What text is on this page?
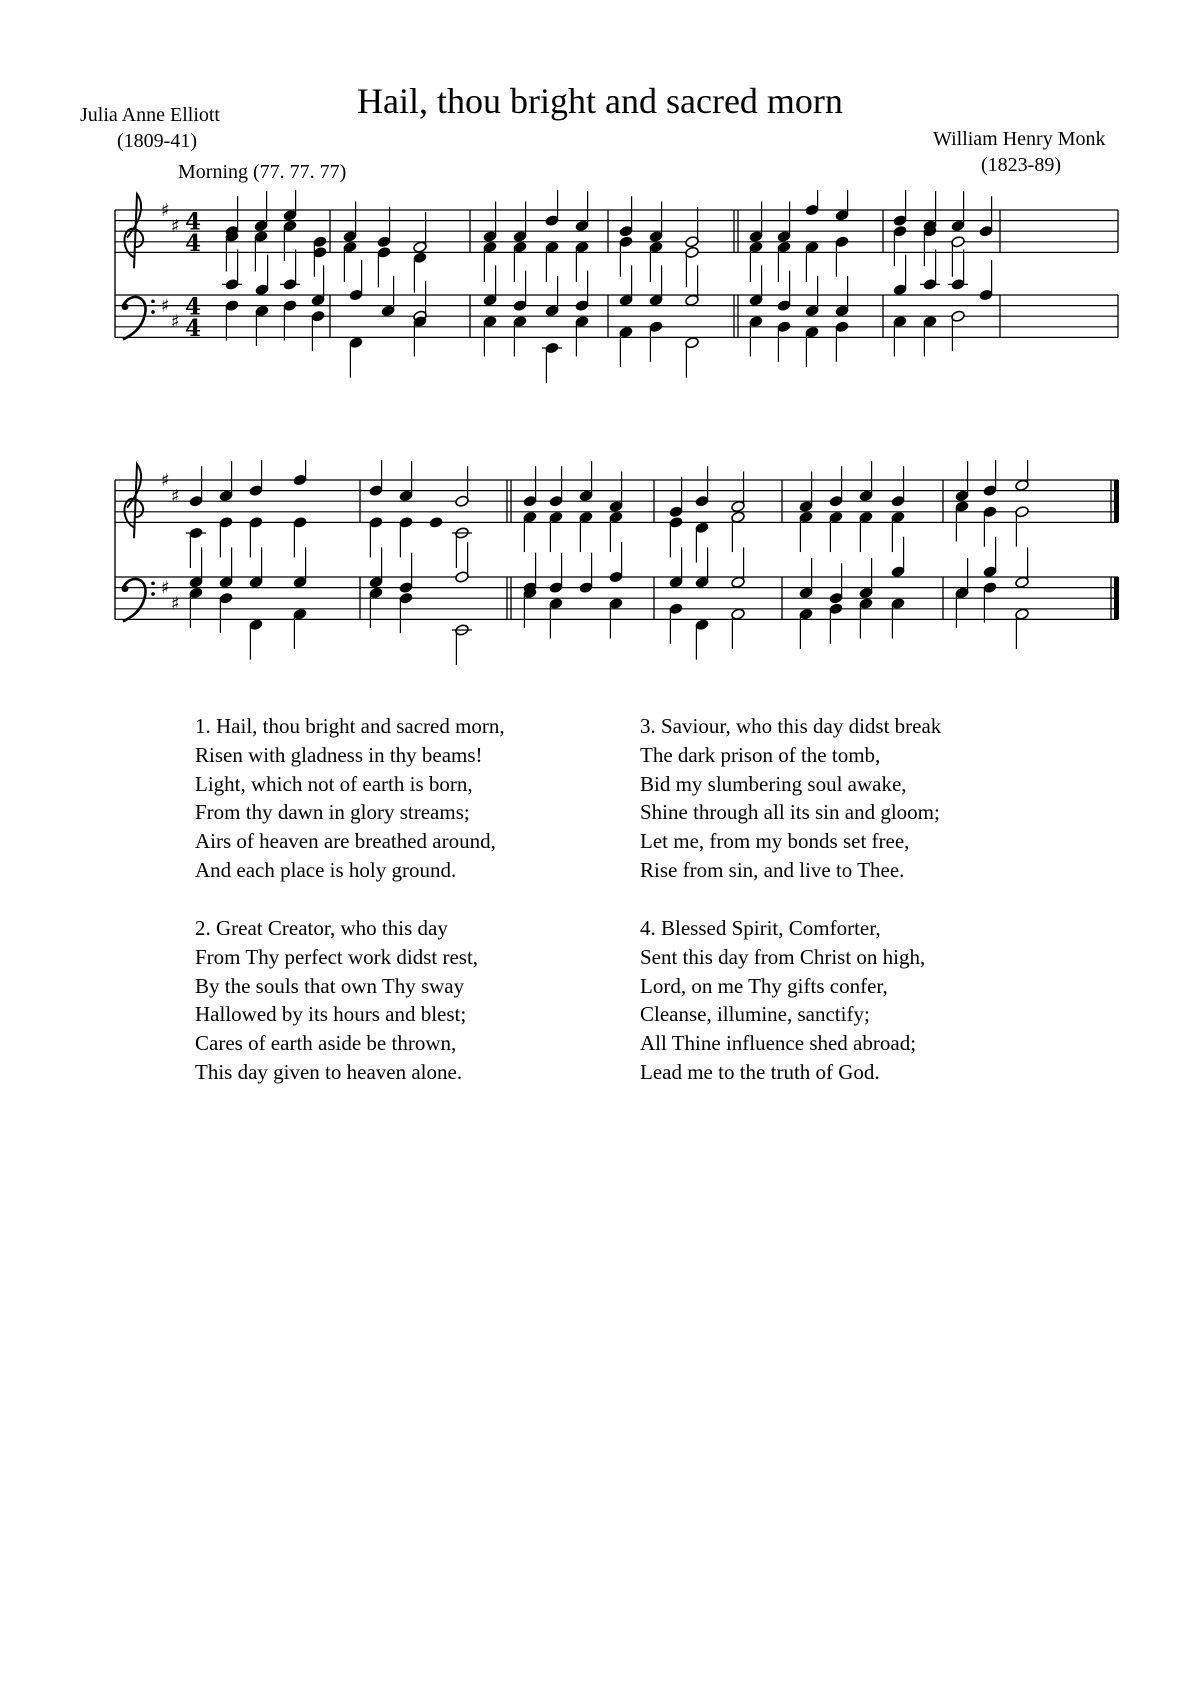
Hail, thou bright and sacred morn
Julia Anne Elliott
(1809-41)	William Henry Monk
(1823-89)
Morning (77. 77. 77)
♯
♯
♯
♯
4
4
4
4
♯
♯
♯
♯
1. Hail, thou bright and sacred morn,
Risen with gladness in thy beams!
Light, which not of earth is born,
From thy dawn in glory streams;
Airs of heaven are breathed around,
And each place is holy ground.
2. Great Creator, who this day
From Thy perfect work didst rest,
By the souls that own Thy sway
Hallowed by its hours and blest;
Cares of earth aside be thrown,
This day given to heaven alone.
3. Saviour, who this day didst break
The dark prison of the tomb,
Bid my slumbering soul awake,
Shine through all its sin and gloom;
Let me, from my bonds set free,
Rise from sin, and live to Thee.
4. Blessed Spirit, Comforter,
Sent this day from Christ on high,
Lord, on me Thy gifts confer,
Cleanse, illumine, sanctify;
All Thine influence shed abroad;
Lead me to the truth of God.
